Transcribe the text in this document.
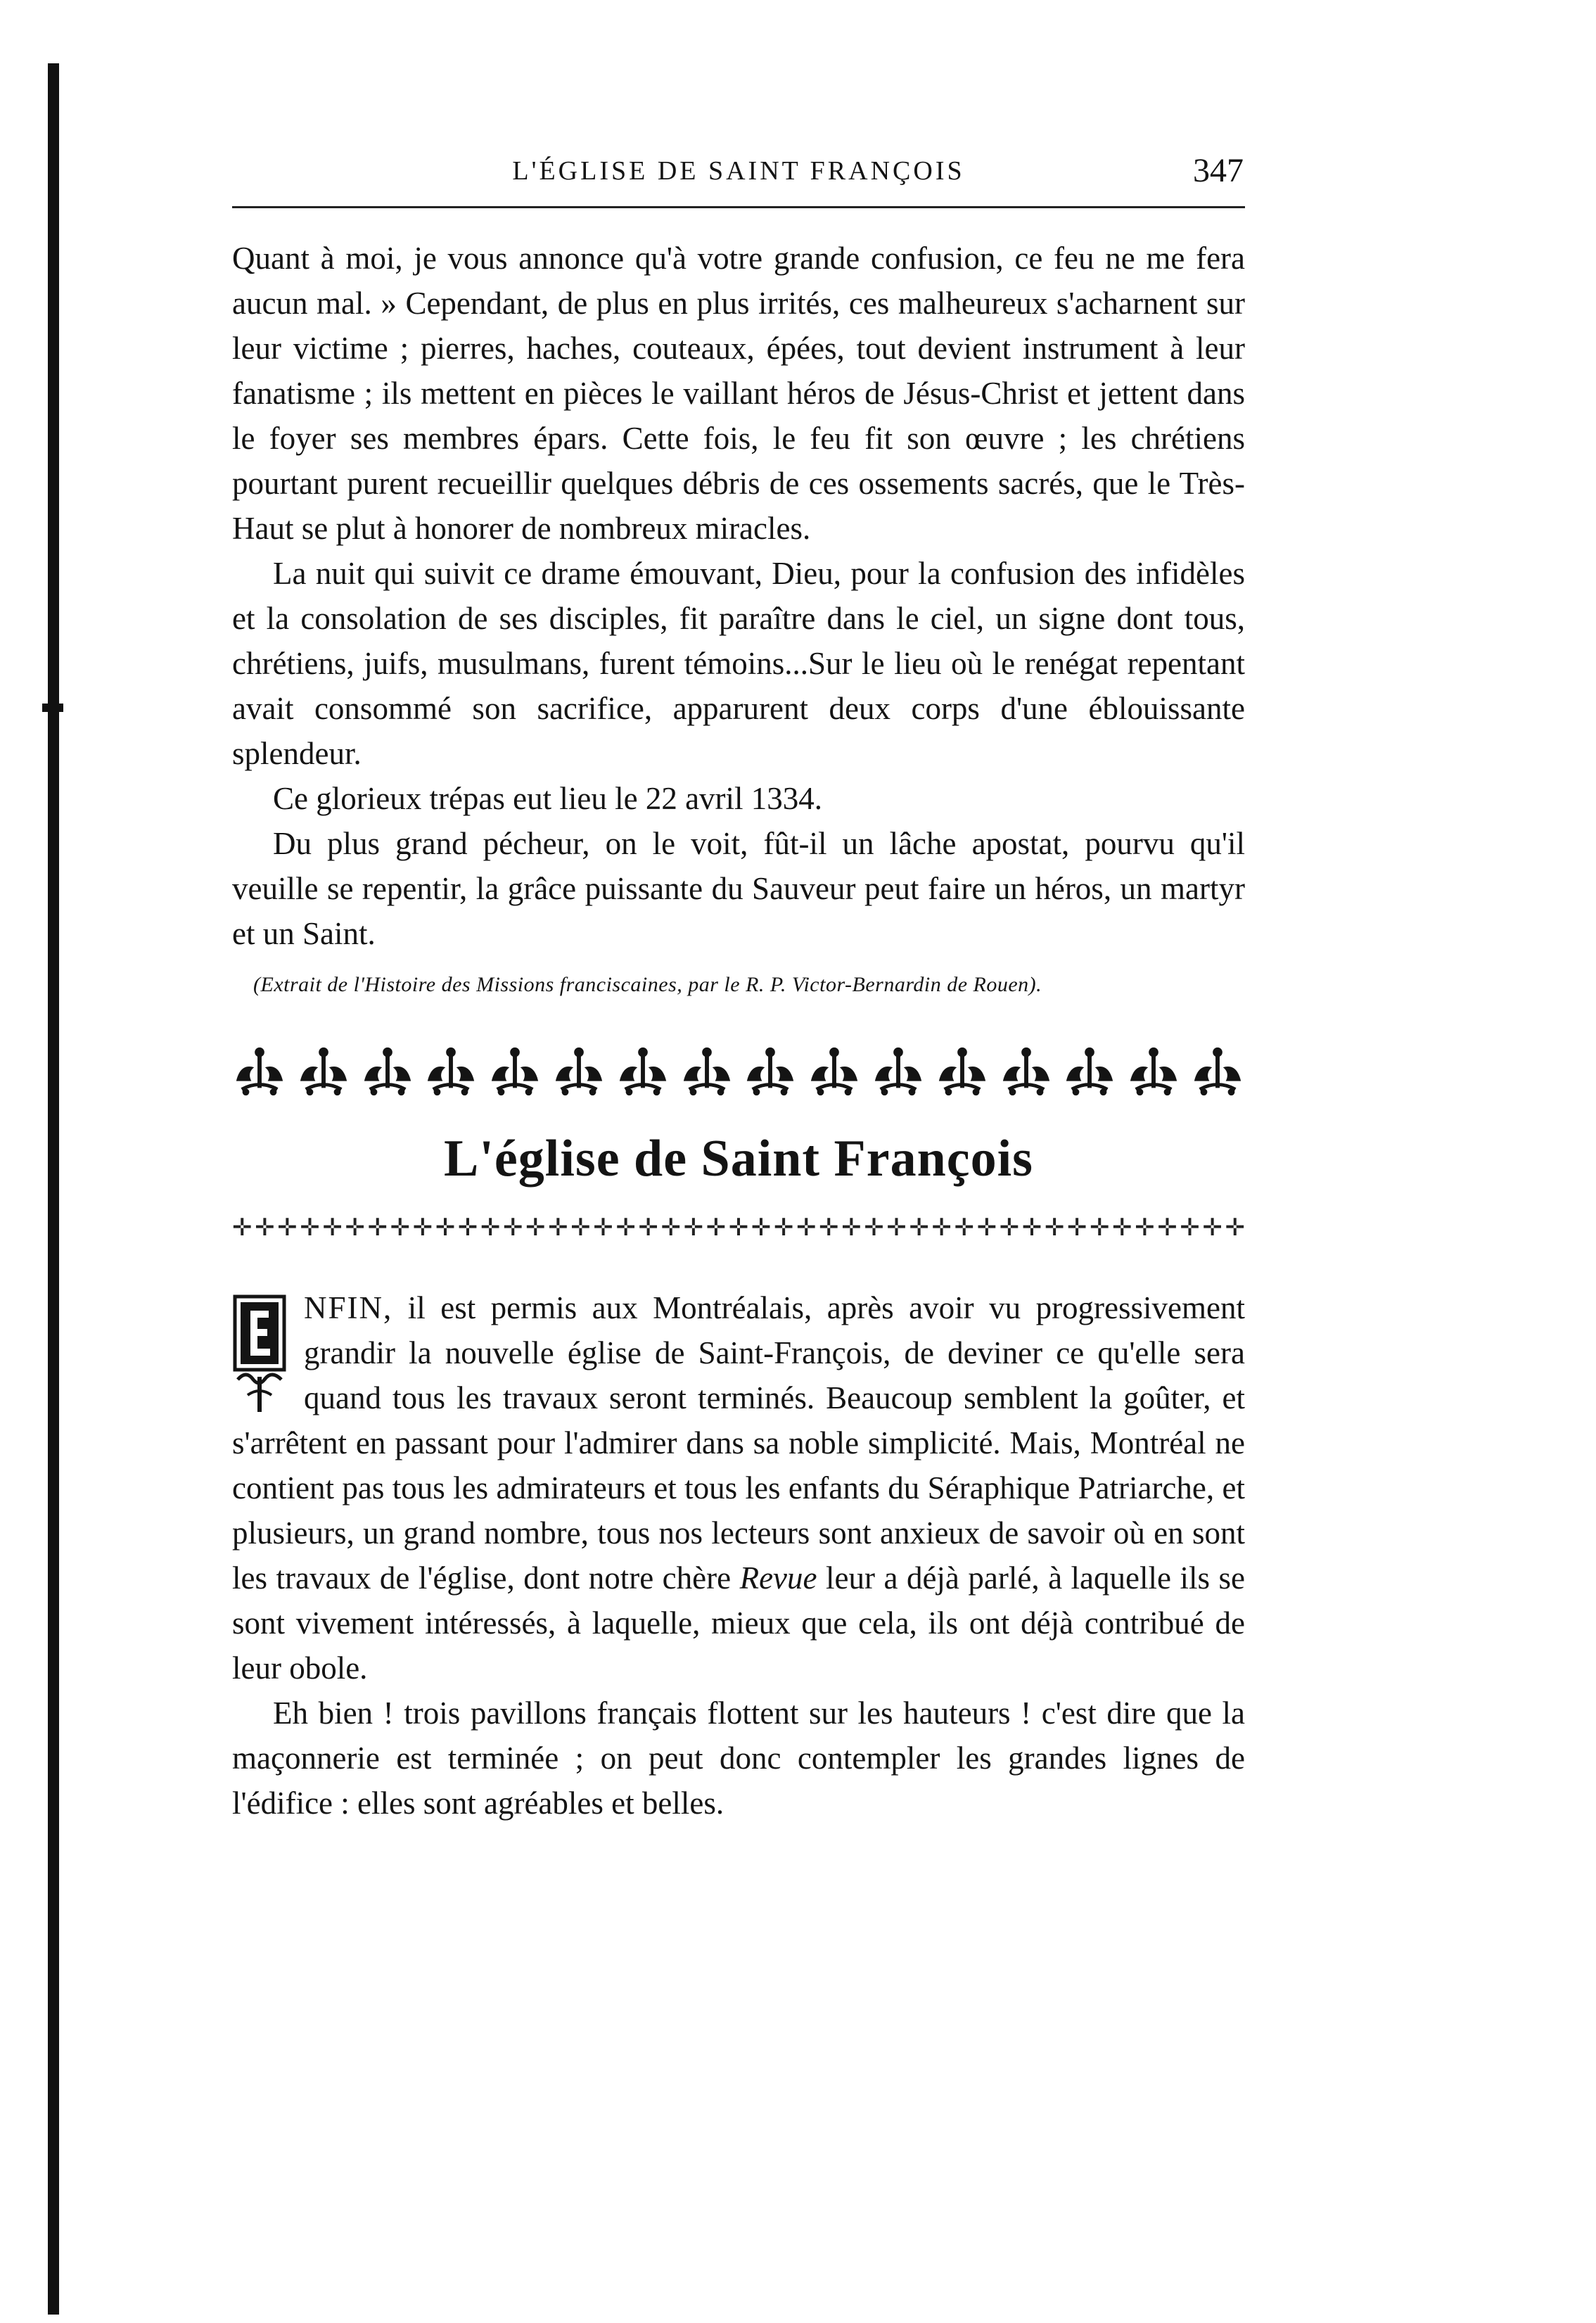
L'ÉGLISE DE SAINT FRANÇOIS	347

Quant à moi, je vous annonce qu'à votre grande confusion, ce feu ne me fera aucun mal. » Cependant, de plus en plus irrités, ces malheureux s'acharnent sur leur victime ; pierres, haches, couteaux, épées, tout devient instrument à leur fanatisme ; ils mettent en pièces le vaillant héros de Jésus-Christ et jettent dans le foyer ses membres épars. Cette fois, le feu fit son œuvre ; les chrétiens pourtant purent recueillir quelques débris de ces ossements sacrés, que le Très-Haut se plut à honorer de nombreux miracles.

La nuit qui suivit ce drame émouvant, Dieu, pour la confusion des infidèles et la consolation de ses disciples, fit paraître dans le ciel, un signe dont tous, chrétiens, juifs, musulmans, furent témoins...Sur le lieu où le renégat repentant avait consommé son sacrifice, apparurent deux corps d'une éblouissante splendeur.

Ce glorieux trépas eut lieu le 22 avril 1334.

Du plus grand pécheur, on le voit, fût-il un lâche apostat, pourvu qu'il veuille se repentir, la grâce puissante du Sauveur peut faire un héros, un martyr et un Saint.

(Extrait de l'Histoire des Missions franciscaines, par le R. P. Victor-Bernardin de Rouen).

L'église de Saint François
✛ ✛ ✛ ✛ ✛ ✛ ✛ ✛ ✛ ✛ ✛ ✛ ✛ ✛ ✛ ✛ ✛ ✛ ✛ ✛ ✛ ✛ ✛ ✛ ✛ ✛ ✛ ✛ ✛ ✛ ✛ ✛ ✛ ✛ ✛ ✛ ✛ ✛ ✛ ✛ ✛ ✛ ✛ ✛ ✛

NFIN, il est permis aux Montréalais, après avoir vu progressivement grandir la nouvelle église de Saint-François, de deviner ce qu'elle sera quand tous les travaux seront terminés. Beaucoup semblent la goûter, et s'arrêtent en passant pour l'admirer dans sa noble simplicité. Mais, Montréal ne contient pas tous les admirateurs et tous les enfants du Séraphique Patriarche, et plusieurs, un grand nombre, tous nos lecteurs sont anxieux de savoir où en sont les travaux de l'église, dont notre chère Revue leur a déjà parlé, à laquelle ils se sont vivement intéressés, à laquelle, mieux que cela, ils ont déjà contribué de leur obole.

Eh bien ! trois pavillons français flottent sur les hauteurs ! c'est dire que la maçonnerie est terminée ; on peut donc contempler les grandes lignes de l'édifice : elles sont agréables et belles.
